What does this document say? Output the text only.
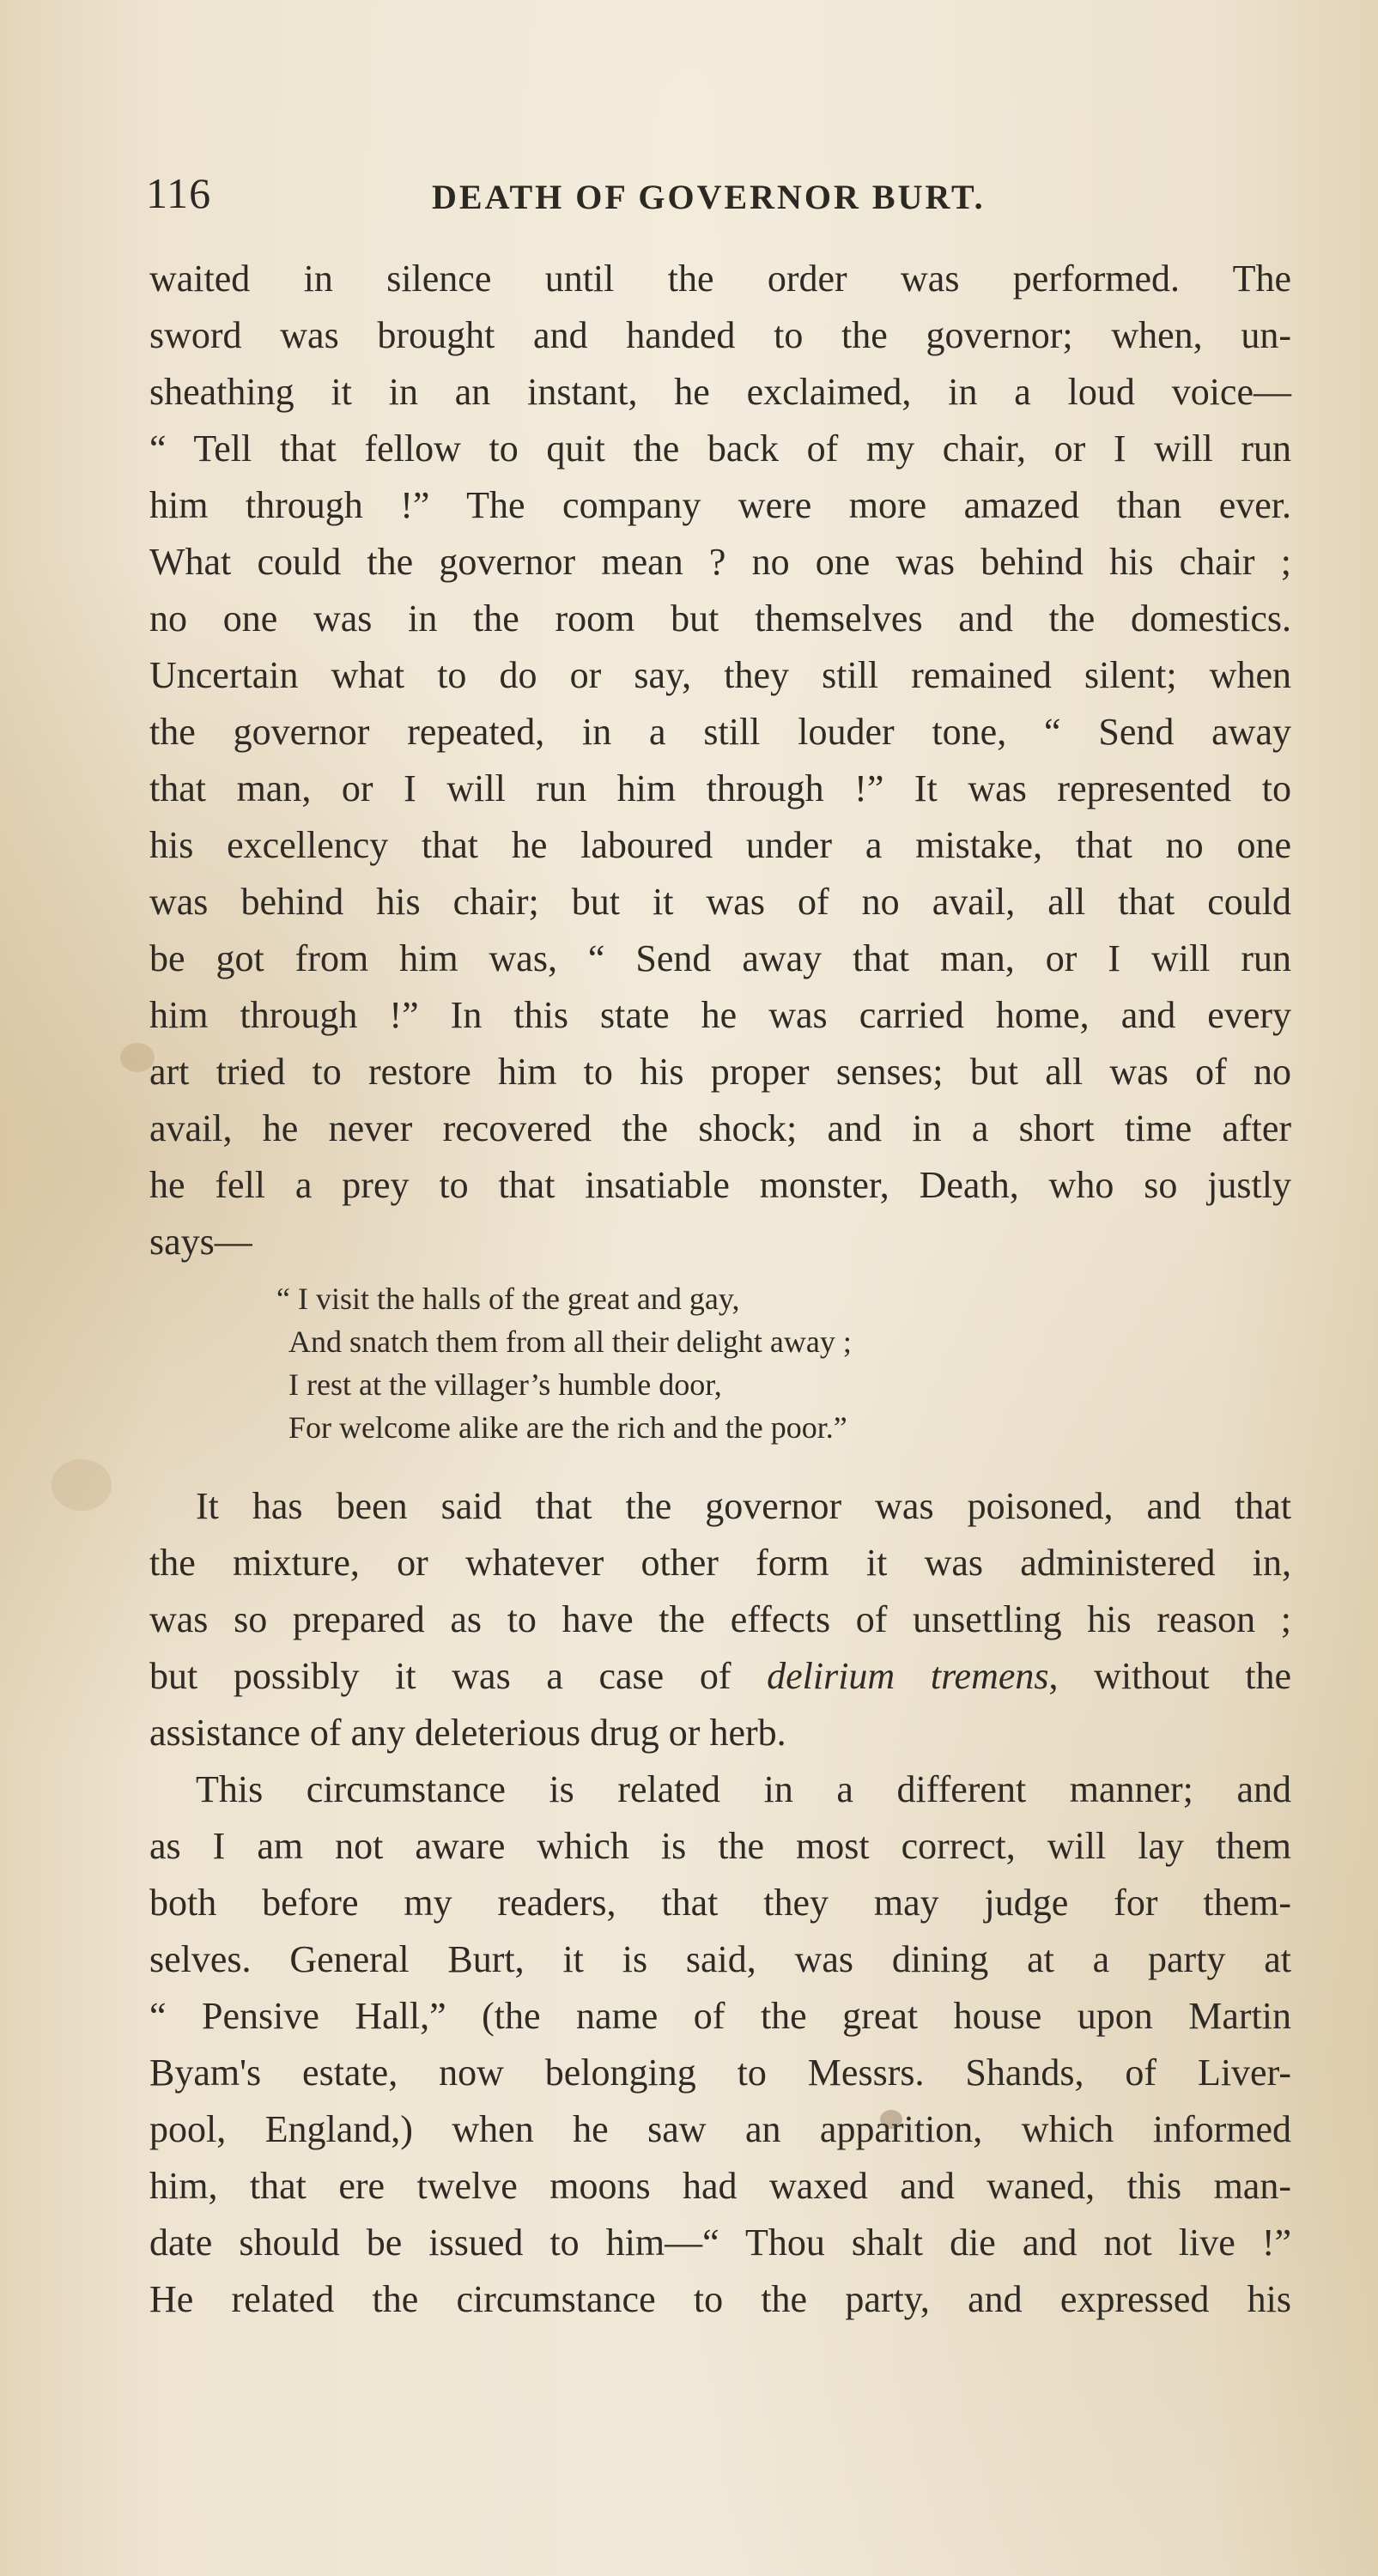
116	DEATH OF GOVERNOR BURT.
waited in silence until the order was performed. The
sword was brought and handed to the governor; when, un-
sheathing it in an instant, he exclaimed, in a loud voice—
“ Tell that fellow to quit the back of my chair, or I will run
him through !” The company were more amazed than ever.
What could the governor mean ? no one was behind his chair ;
no one was in the room but themselves and the domestics.
Uncertain what to do or say, they still remained silent; when
the governor repeated, in a still louder tone, “ Send away
that man, or I will run him through !” It was represented to
his excellency that he laboured under a mistake, that no one
was behind his chair; but it was of no avail, all that could
be got from him was, “ Send away that man, or I will run
him through !” In this state he was carried home, and every
art tried to restore him to his proper senses; but all was of no
avail, he never recovered the shock; and in a short time after
he fell a prey to that insatiable monster, Death, who so justly
says—
“ I visit the halls of the great and gay,
And snatch them from all their delight away ;
I rest at the villager’s humble door,
For welcome alike are the rich and the poor.”
It has been said that the governor was poisoned, and that
the mixture, or whatever other form it was administered in,
was so prepared as to have the effects of unsettling his reason ;
but possibly it was a case of delirium tremens, without the
assistance of any deleterious drug or herb.
This circumstance is related in a different manner; and
as I am not aware which is the most correct, will lay them
both before my readers, that they may judge for them-
selves. General Burt, it is said, was dining at a party at
“ Pensive Hall,” (the name of the great house upon Martin
Byam's estate, now belonging to Messrs. Shands, of Liver-
pool, England,) when he saw an apparition, which informed
him, that ere twelve moons had waxed and waned, this man-
date should be issued to him—“ Thou shalt die and not live !”
He related the circumstance to the party, and expressed his
